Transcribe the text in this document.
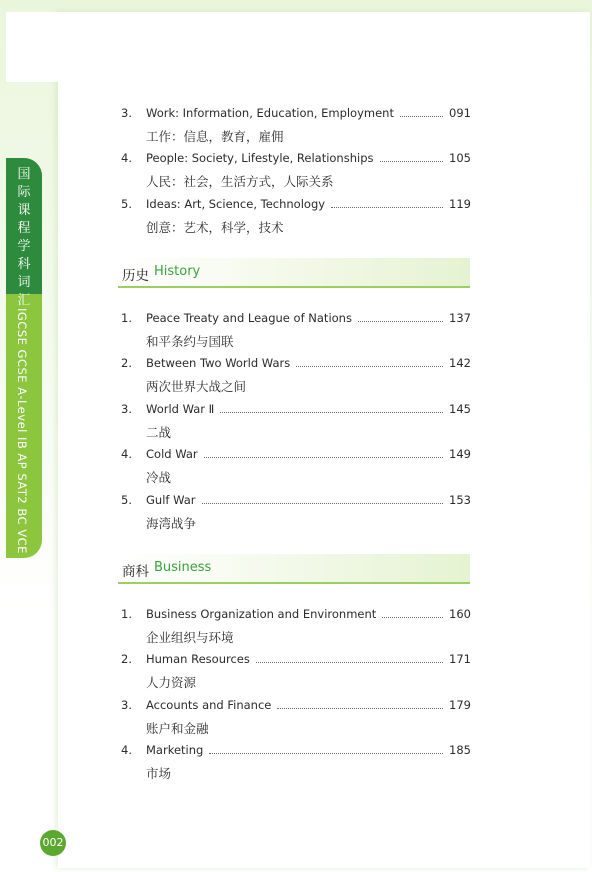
国际课程学科词汇
IGCSE GCSE A-Level IB AP SAT2 BC VCE
3.	Work: Information, Education, Employment	091
工作：信息，教育，雇佣
4.	People: Society, Lifestyle, Relationships	105
人民：社会，生活方式，人际关系
5.	Ideas: Art, Science, Technology	119
创意：艺术，科学，技术
历史 History
1.	Peace Treaty and League of Nations	137
和平条约与国联
2.	Between Two World Wars	142
两次世界大战之间
3.	World War Ⅱ	145
二战
4.	Cold War	149
冷战
5.	Gulf War	153
海湾战争
商科 Business
1.	Business Organization and Environment	160
企业组织与环境
2.	Human Resources	171
人力资源
3.	Accounts and Finance	179
账户和金融
4.	Marketing	185
市场
002
